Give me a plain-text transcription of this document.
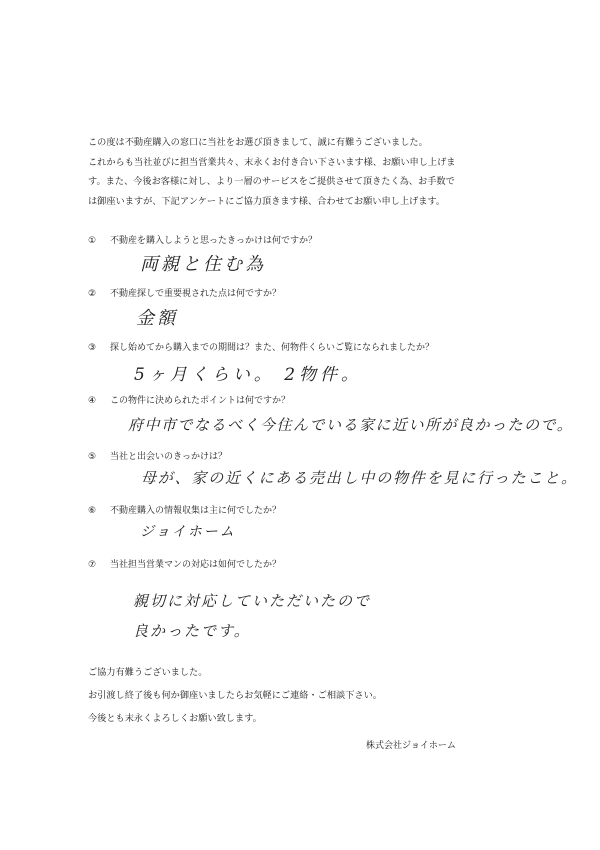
この度は不動産購入の窓口に当社をお選び頂きまして、誠に有難うございました。

これからも当社並びに担当営業共々、末永くお付き合い下さいます様、お願い申し上げま

す。また、今後お客様に対し、より一層のサービスをご提供させて頂きたく為、お手数で

は御座いますが、下記アンケートにご協力頂きます様、合わせてお願い申し上げます。

① 不動産を購入しようと思ったきっかけは何ですか？
両親と住む為
② 不動産探しで重要視された点は何ですか？
金額
③ 探し始めてから購入までの期間は？また、何物件くらいご覧になられましたか？
5ヶ月くらい。 2物件。
④ この物件に決められたポイントは何ですか？
府中市でなるべく今住んでいる家に近い所が良かったので。
⑤ 当社と出会いのきっかけは？
母が、家の近くにある売出し中の物件を見に行ったこと。
⑥ 不動産購入の情報収集は主に何でしたか？
ジョイホーム
⑦ 当社担当営業マンの対応は如何でしたか？
親切に対応していただいたので
良かったです。

ご協力有難うございました。

お引渡し終了後も何か御座いましたらお気軽にご連絡・ご相談下さい。

今後とも末永くよろしくお願い致します。

株式会社ジョイホーム
